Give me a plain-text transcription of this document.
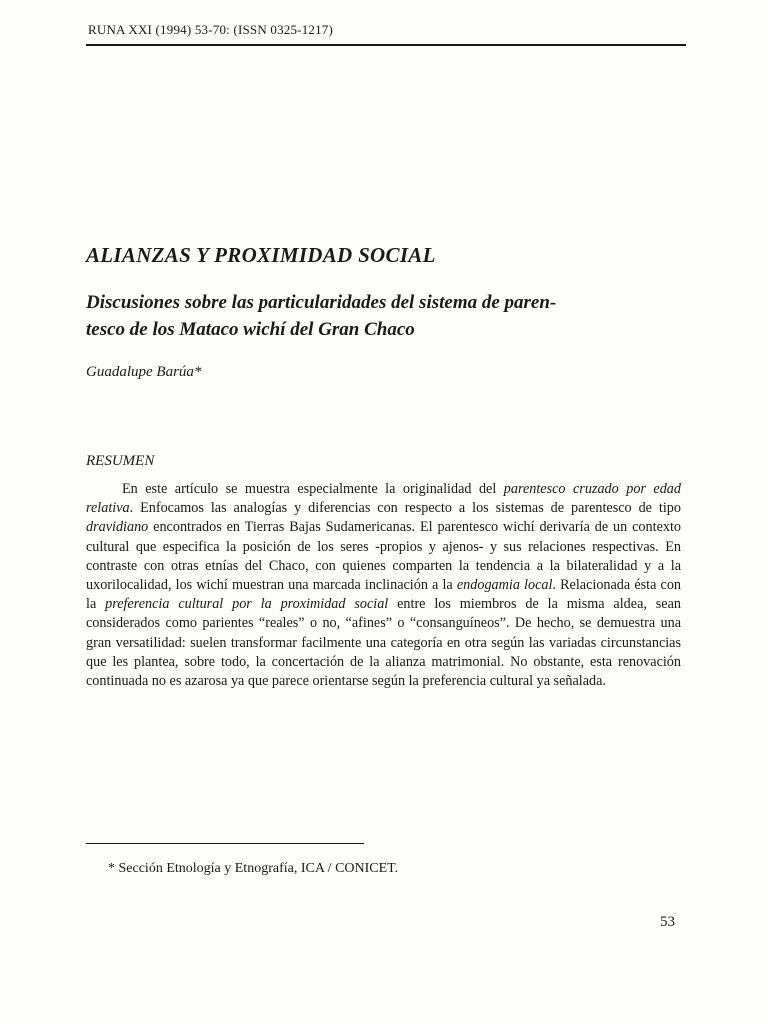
RUNA XXI (1994) 53-70: (ISSN 0325-1217)
ALIANZAS Y PROXIMIDAD SOCIAL
Discusiones sobre las particularidades del sistema de paren-
tesco de los Mataco wichí del Gran Chaco
Guadalupe Barúa*
RESUMEN

En este artículo se muestra especialmente la originalidad del parentesco cruzado por edad relativa. Enfocamos las analogías y diferencias con respecto a los sistemas de parentesco de tipo dravidiano encontrados en Tierras Bajas Sudamericanas. El parentesco wichí derivaría de un contexto cultural que especifica la posición de los seres -propios y ajenos- y sus relaciones respectivas. En contraste con otras etnías del Chaco, con quienes comparten la tendencia a la bilateralidad y a la uxorilocalidad, los wichí muestran una marcada inclinación a la endogamia local. Relacionada ésta con la preferencia cultural por la proximidad social entre los miembros de la misma aldea, sean considerados como parientes “reales” o no, “afines” o “consanguíneos”. De hecho, se demuestra una gran versatilidad: suelen transformar facilmente una categoría en otra según las variadas circunstancias que les plantea, sobre todo, la concertación de la alianza matrimonial. No obstante, esta renovación continuada no es azarosa ya que parece orientarse según la preferencia cultural ya señalada.

* Sección Etnología y Etnografía, ICA / CONICET.
53
